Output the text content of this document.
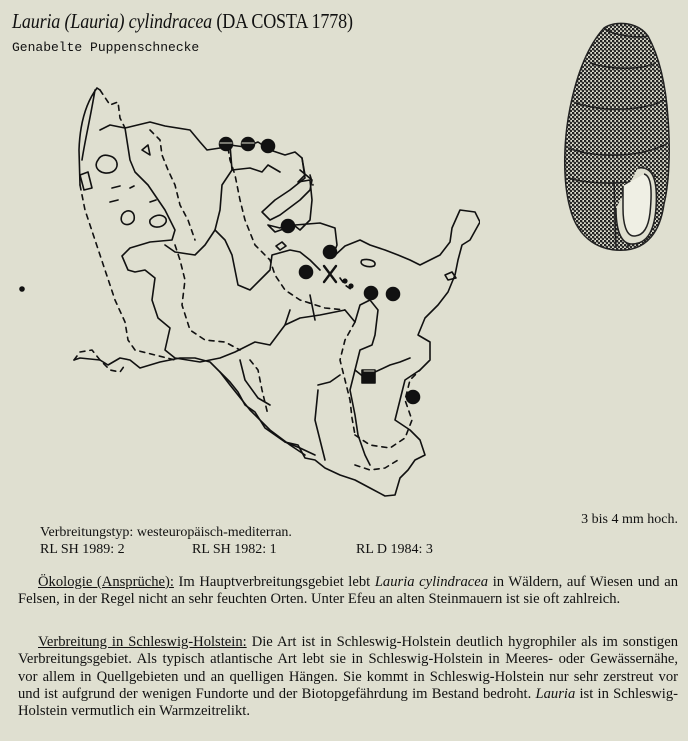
Lauria (Lauria) cylindracea (DA COSTA 1778)
Genabelte Puppenschnecke
3 bis 4 mm hoch.
Verbreitungstyp: westeuropäisch-mediterran.
RL SH 1989: 2	RL SH 1982: 1	RL D 1984: 3
Ökologie (Ansprüche): Im Hauptverbreitungsgebiet lebt Lauria cylindracea in Wäldern, auf Wiesen und an Felsen, in der Regel nicht an sehr feuchten Orten. Unter Efeu an alten Steinmauern ist sie oft zahlreich.
Verbreitung in Schleswig-Holstein: Die Art ist in Schleswig-Holstein deutlich hygrophiler als im sonstigen Verbreitungsgebiet. Als typisch atlantische Art lebt sie in Schleswig-Holstein in Meeres- oder Gewässernähe, vor allem in Quellgebieten und an quelligen Hängen. Sie kommt in Schleswig-Holstein nur sehr zerstreut vor und ist aufgrund der wenigen Fundorte und der Biotopgefährdung im Bestand bedroht. Lauria ist in Schleswig-Holstein vermutlich ein Warmzeitrelikt.
